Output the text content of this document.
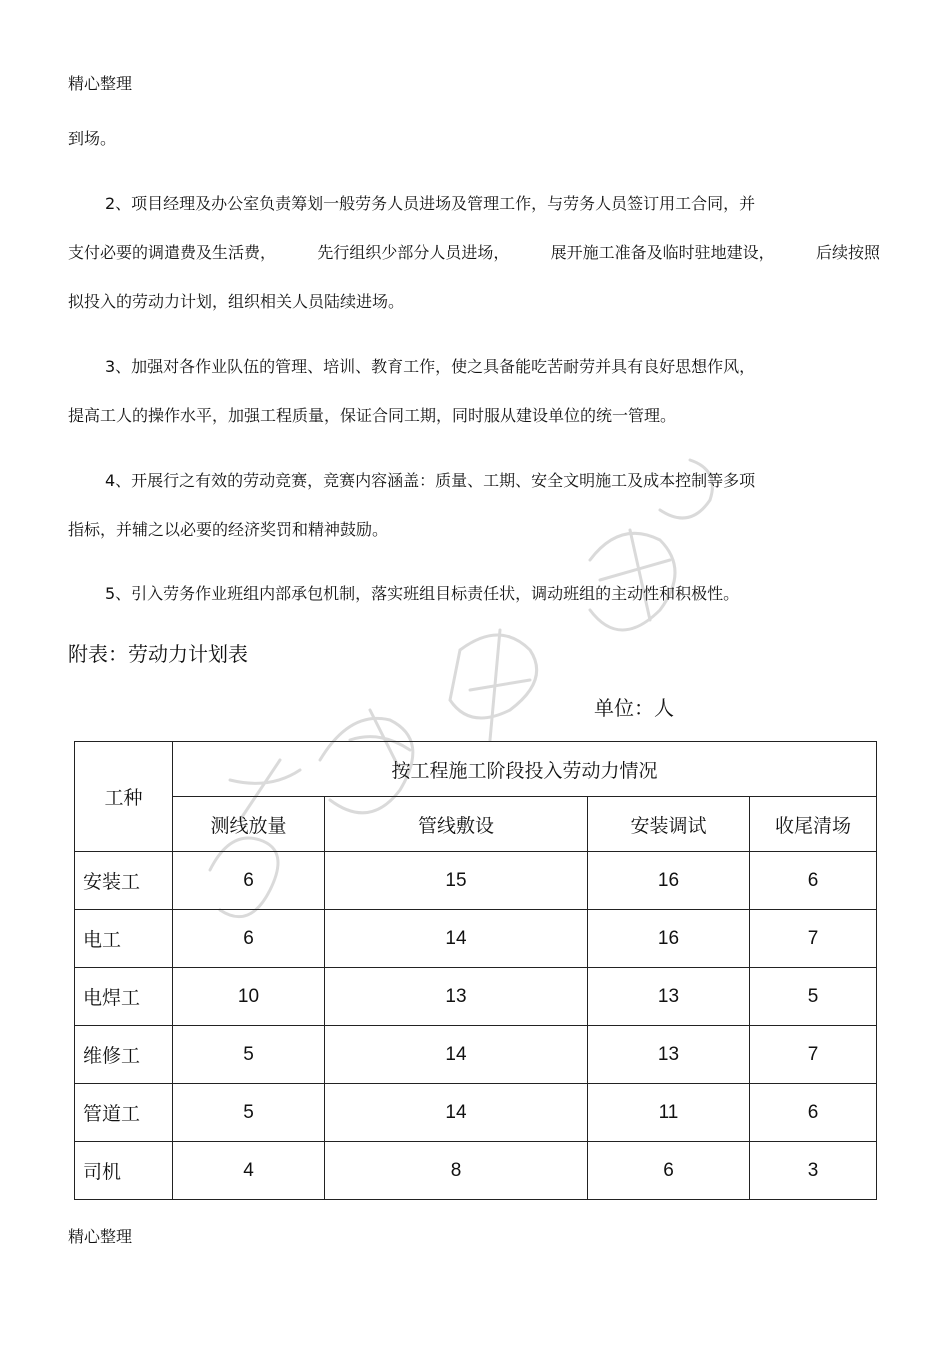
精心整理
到场。
2、项目经理及办公室负责筹划一般劳务人员进场及管理工作，与劳务人员签订用工合同，并
支付必要的调遣费及生活费，	先行组织少部分人员进场，	展开施工准备及临时驻地建设，	后续按照
拟投入的劳动力计划，组织相关人员陆续进场。
3、加强对各作业队伍的管理、培训、教育工作，使之具备能吃苦耐劳并具有良好思想作风，
提高工人的操作水平，加强工程质量，保证合同工期，同时服从建设单位的统一管理。
4、开展行之有效的劳动竞赛，竞赛内容涵盖：质量、工期、安全文明施工及成本控制等多项
指标，并辅之以必要的经济奖罚和精神鼓励。
5、引入劳务作业班组内部承包机制，落实班组目标责任状，调动班组的主动性和积极性。
附表：劳动力计划表
单位：人
工种	按工程施工阶段投入劳动力情况			
	测线放量	管线敷设	安装调试	收尾清场
安装工	6	15	16	6
电工	6	14	16	7
电焊工	10	13	13	5
维修工	5	14	13	7
管道工	5	14	11	6
司机	4	8	6	3
精心整理
